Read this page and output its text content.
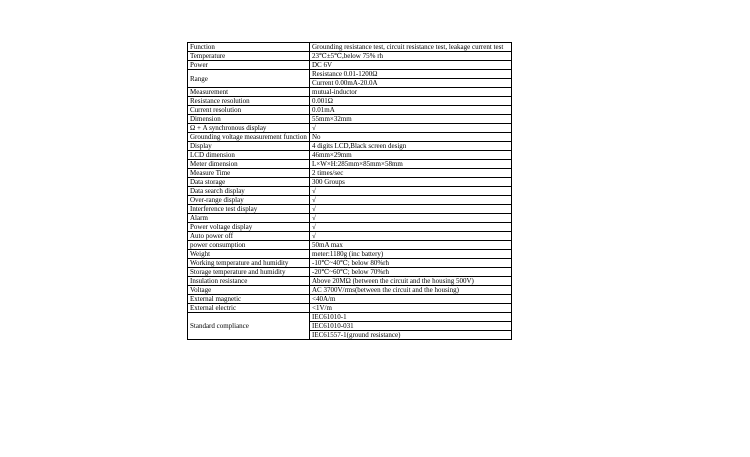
Function	Grounding resistance test, circuit resistance test, leakage current test
Temperature	23℃±5℃,below 75% rh
Power	DC 6V
Range	Resistance 0.01-1200Ω
	Current 0.00mA-20.0A
Measurement	mutual-inductor
Resistance resolution	0.001Ω
Current resolution	0.01mA
Dimension	55mm×32mm
Ω + A synchronous display	√
Grounding voltage measurement function	No
Display	4 digits LCD,Black screen design
LCD dimension	46mm×29mm
Meter dimension	L×W×H:285mm×85mm×58mm
Measure Time	2 times/sec
Data storage	300 Groups
Data search display	√
Over-range display	√
Interference test display	√
Alarm	√
Power voltage display	√
Auto power off	√
power consumption	50mA max
Weight	meter:1180g (inc battery)
Working temperature and humidity	-10℃~40℃; below 80%rh
Storage temperature and humidity	-20℃~60℃; below 70%rh
Insulation resistance	Above 20MΩ (between the circuit and the housing 500V)
Voltage	AC 3700V/rms(between the circuit and the housing)
External magnetic	<40A/m
External electric	<1V/m
Standard compliance	IEC61010-1
	IEC61010-031
	IEC61557-1(ground resistance)
